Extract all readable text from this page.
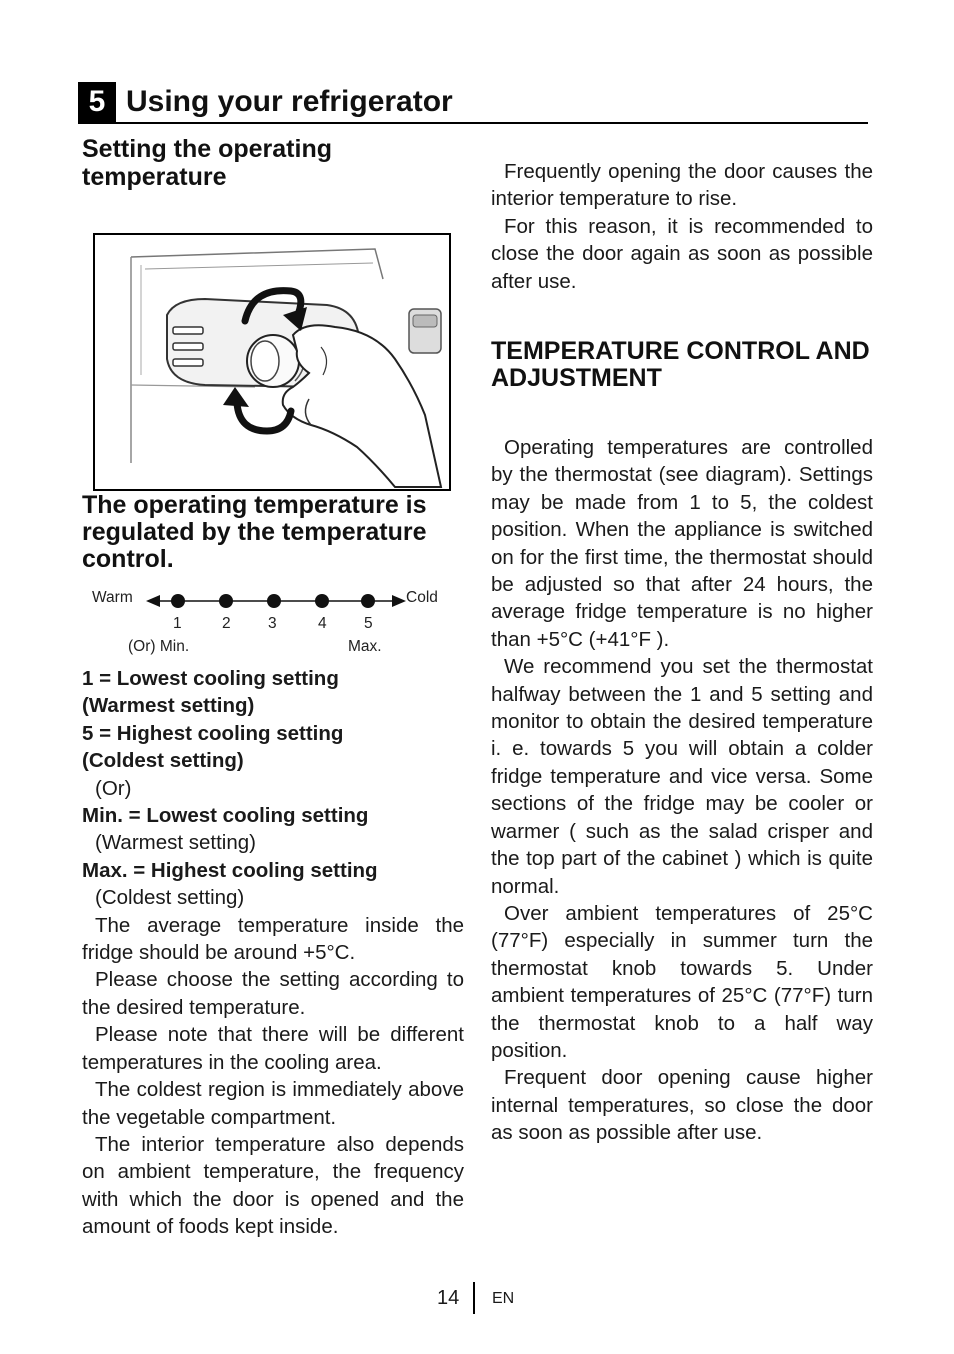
5 Using your refrigerator
Setting the operating temperature
The operating temperature is regulated by the temperature control.
Warm	Cold
1	2 3	4 5
(Or) Min.	Max.

1 = Lowest cooling setting

(Warmest setting)

5 = Highest cooling setting

(Coldest setting)

(Or)

Min. = Lowest cooling setting

(Warmest setting)

Max. = Highest cooling setting

(Coldest setting)

The average temperature inside the fridge should be around +5°C.

Please choose the setting according to the desired temperature.

Please note that there will be different temperatures in the cooling area.

The coldest region is immediately above the vegetable compartment.

The interior temperature also depends on ambient temperature, the frequency with which the door is opened and the amount of foods kept inside.

Frequently opening the door causes the interior temperature to rise.

For this reason, it is recommended to close the door again as soon as possible after use.

TEMPERATURE CONTROL AND ADJUSTMENT

Operating temperatures are controlled by the thermostat (see diagram). Settings may be made from 1 to 5, the coldest position. When the appliance is switched on for the first time, the thermostat should be adjusted so that after 24 hours, the average fridge temperature is no higher than +5°C (+41°F ).

We recommend you set the thermostat halfway between the 1 and 5 setting and monitor to obtain the desired temperature i. e. towards 5 you will obtain a colder fridge temperature and vice versa. Some sections of the fridge may be cooler or warmer ( such as the salad crisper and the top part of the cabinet ) which is quite normal.

Over ambient temperatures of 25°C (77°F) especially in summer turn the thermostat knob towards 5. Under ambient temperatures of 25°C (77°F) turn the thermostat knob to a half way position.

Frequent door opening cause higher internal temperatures, so close the door as soon as possible after use.

14 EN
